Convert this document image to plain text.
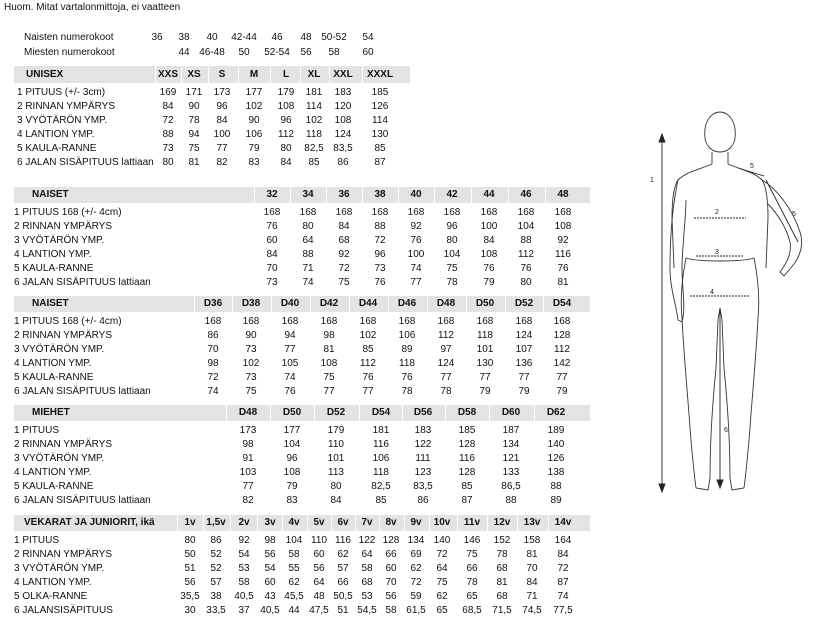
Huom. Mitat vartalonmittoja, ei vaatteen
Naisten numerokoot	36	38	40	42-44	46	48 50-52	54
Miesten numerokoot	44 46-48	50	52-54	56	58	60
UNISEX	XXS XS	S	M	L	XL	XXL	XXXL
1 PITUUS (+/- 3cm)	169 171	173	177	179	181	183	185
2 RINNAN YMPÄRYS	84	90	96	102	108	114	120	126
3 VYÖTÄRÖN YMP.	72	78	84	90	96	102	108	114
4 LANTION YMP.	88	94	100	106	112	118	124	130
5 KAULA-RANNE	73	75	77	79	80	82,5 83,5	85
6 JALAN SISÄPITUUS lattiaan 80	81	82	83	84	85	86	87
NAISET	32	34	36	38	40	42	44	46	48
1 PITUUS 168 (+/- 4cm)	168	168	168	168	168	168	168	168	168
2 RINNAN YMPÄRYS	76	80	84	88	92	96	100	104	108
3 VYÖTÄRÖN YMP.	60	64	68	72	76	80	84	88	92
4 LANTION YMP.	84	88	92	96	100	104	108	112	116
5 KAULA-RANNE	70	71	72	73	74	75	76	76	76
6 JALAN SISÄPITUUS lattiaan	73	74	75	76	77	78	79	80	81
NAISET	D36	D38	D40	D42	D44	D46	D48	D50	D52	D54
1 PITUUS 168 (+/- 4cm)	168	168	168	168	168	168	168	168	168	168
2 RINNAN YMPÄRYS	86	90	94	98	102	106	112	118	124	128
3 VYÖTÄRÖN YMP.	70	73	77	81	85	89	97	101	107	112
4 LANTION YMP.	98	102	105	108	112	118	124	130	136	142
5 KAULA-RANNE	72	73	74	75	76	76	77	77	77	77
6 JALAN SISÄPITUUS lattiaan	74	75	76	77	77	78	78	79	79	79
MIEHET	D48	D50	D52	D54	D56	D58	D60	D62
1 PITUUS	173	177	179	181	183	185	187	189
2 RINNAN YMPÄRYS	98	104	110	116	122	128	134	140
3 VYÖTÄRÖN YMP.	91	96	101	106	111	116	121	126
4 LANTION YMP.	103	108	113	118	123	128	133	138
5 KAULA-RANNE	77	79	80	82,5	83,5	85	86,5	88
6 JALAN SISÄPITUUS lattiaan	82	83	84	85	86	87	88	89
VEKARAT JA JUNIORIT, ikä	1v	1,5v	2v	3v	4v	5v	6v	7v	8v	9v	10v	11v	12v	13v	14v
1 PITUUS	80	86	92	98	104 110 116 122 128 134 140	146	152	158	164
2 RINNAN YMPÄRYS	50	52	54	56	58	60	62	64	66	69	72	75	78	81	84
3 VYÖTÄRÖN YMP.	51	52	53	54	55	56	57	58	60	62	64	66	68	70	72
4 LANTION YMP.	56	57	58	60	62	64	66	68	70	72	75	78	81	84	87
5 OLKA-RANNE	35,5	38	40,5	43 45,5 48 50,5 53	56	59	62	65	68	71	74
6 JALANSISÄPITUUS	30	33,5	37	40,5 44 47,5 51 54,5 58 61,5	65	68,5	71,5	74,5	77,5
1
2
3
4
5
5
6
